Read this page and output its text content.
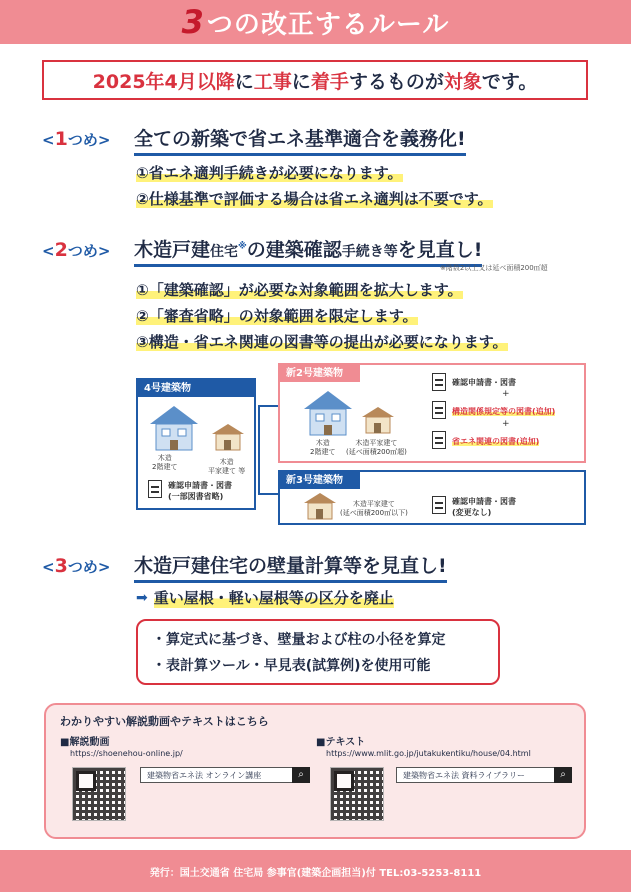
3つの改正するルール
2025年4月以降 に 工事 に 着手 するものが 対象 です。
<1つめ>	全ての新築で省エネ基準適合を義務化!
①省エネ適判手続きが必要になります。
②仕様基準で評価する場合は省エネ適判は不要です。
<2つめ>	木造戸建住宅※の建築確認手続き等を見直し!
※階数2以上又は延べ面積200㎡超
①「建築確認」が必要な対象範囲を拡大します。
②「審査省略」の対象範囲を限定します。
③構造・省エネ関連の図書等の提出が必要になります。
4号建築物
木造
2階建て
木造
平家建て 等
確認申請書・図書
(一部図書省略)
新2号建築物
木造
2階建て
木造平家建て
(延べ面積200㎡超)
確認申請書・図書
+
構造関係規定等の図書(追加)
+
省エネ関連の図書(追加)
新3号建築物
木造平家建て
(延べ面積200㎡以下)
確認申請書・図書
(変更なし)
<3つめ>	木造戸建住宅の壁量計算等を見直し!
➡ 重い屋根・軽い屋根等の区分を廃止
・算定式に基づき、壁量および柱の小径を算定
・表計算ツール・早見表(試算例)を使用可能
わかりやすい解説動画やテキストはこちら
■解説動画
https://shoenehou-online.jp/
建築物省エネ法 オンライン講座	⌕
■テキスト
https://www.mlit.go.jp/jutakukentiku/house/04.html
建築物省エネ法 資料ライブラリー	⌕
発行：国土交通省 住宅局 参事官(建築企画担当)付 TEL:03-5253-8111
